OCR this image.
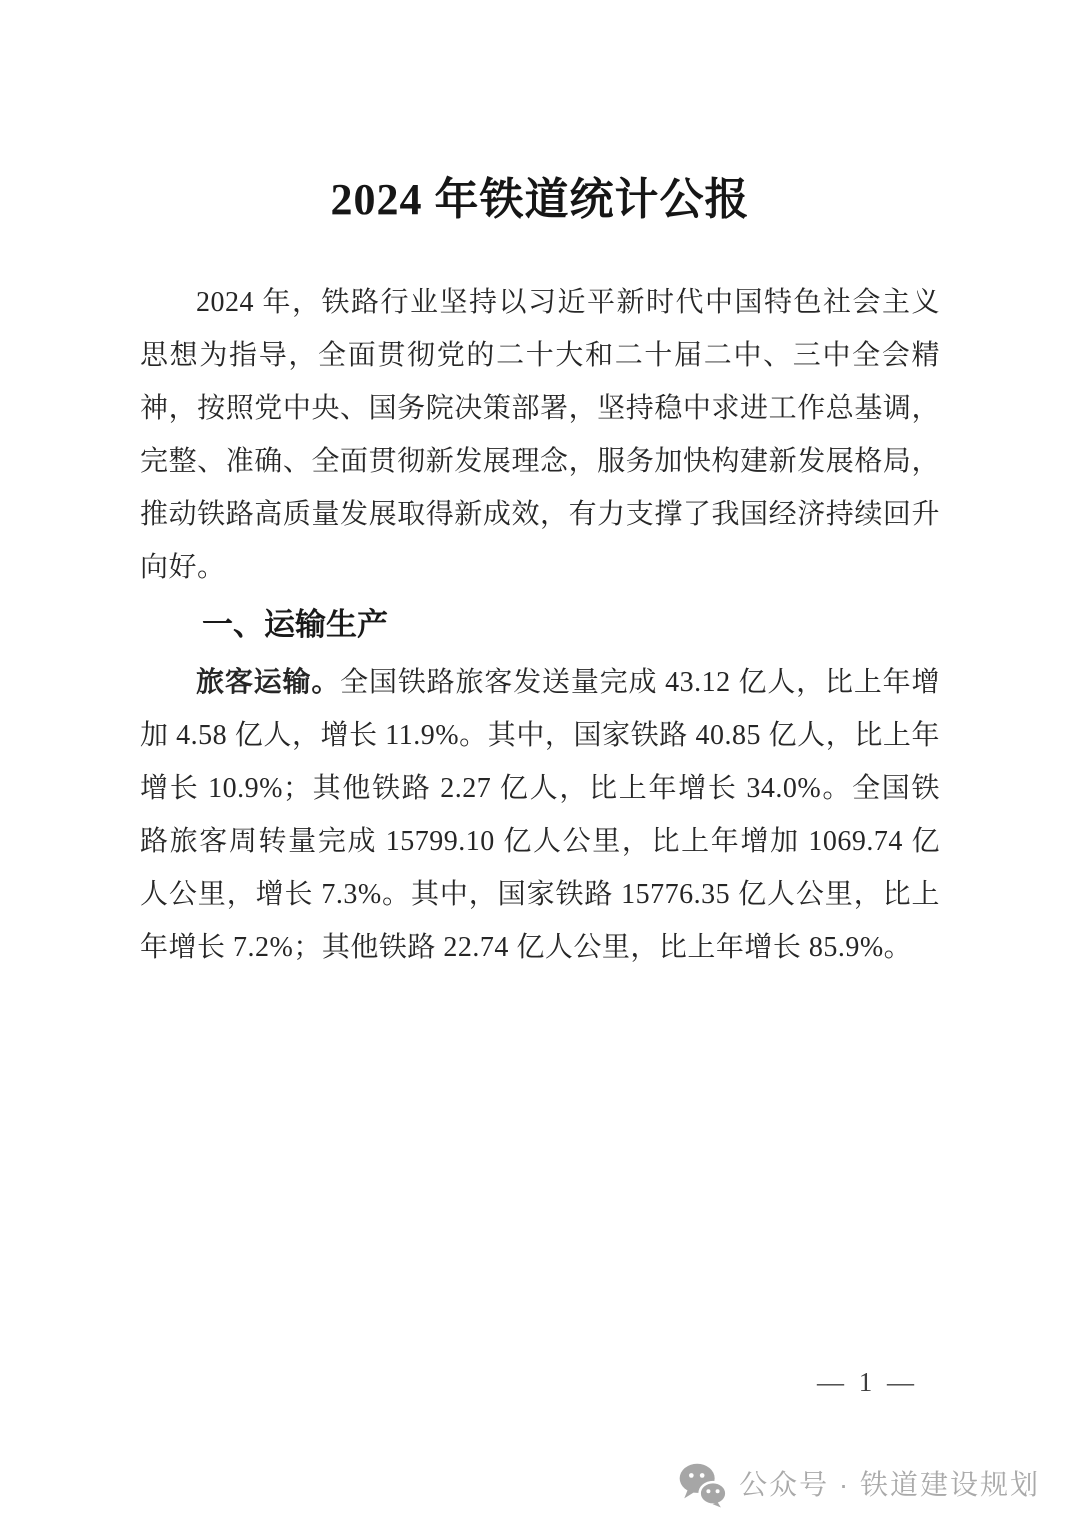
2024 年铁道统计公报

2024 年，铁路行业坚持以习近平新时代中国特色社会主义思想为指导，全面贯彻党的二十大和二十届二中、三中全会精神，按照党中央、国务院决策部署，坚持稳中求进工作总基调，完整、准确、全面贯彻新发展理念，服务加快构建新发展格局，推动铁路高质量发展取得新成效，有力支撑了我国经济持续回升向好。

一、运输生产

旅客运输。全国铁路旅客发送量完成 43.12 亿人，比上年增加 4.58 亿人，增长 11.9%。其中，国家铁路 40.85 亿人，比上年增长 10.9%；其他铁路 2.27 亿人，比上年增长 34.0%。全国铁路旅客周转量完成 15799.10 亿人公里，比上年增加 1069.74 亿人公里，增长 7.3%。其中，国家铁路 15776.35 亿人公里，比上年增长 7.2%；其他铁路 22.74 亿人公里，比上年增长 85.9%。

— 1 —
公众号 · 铁道建设规划
